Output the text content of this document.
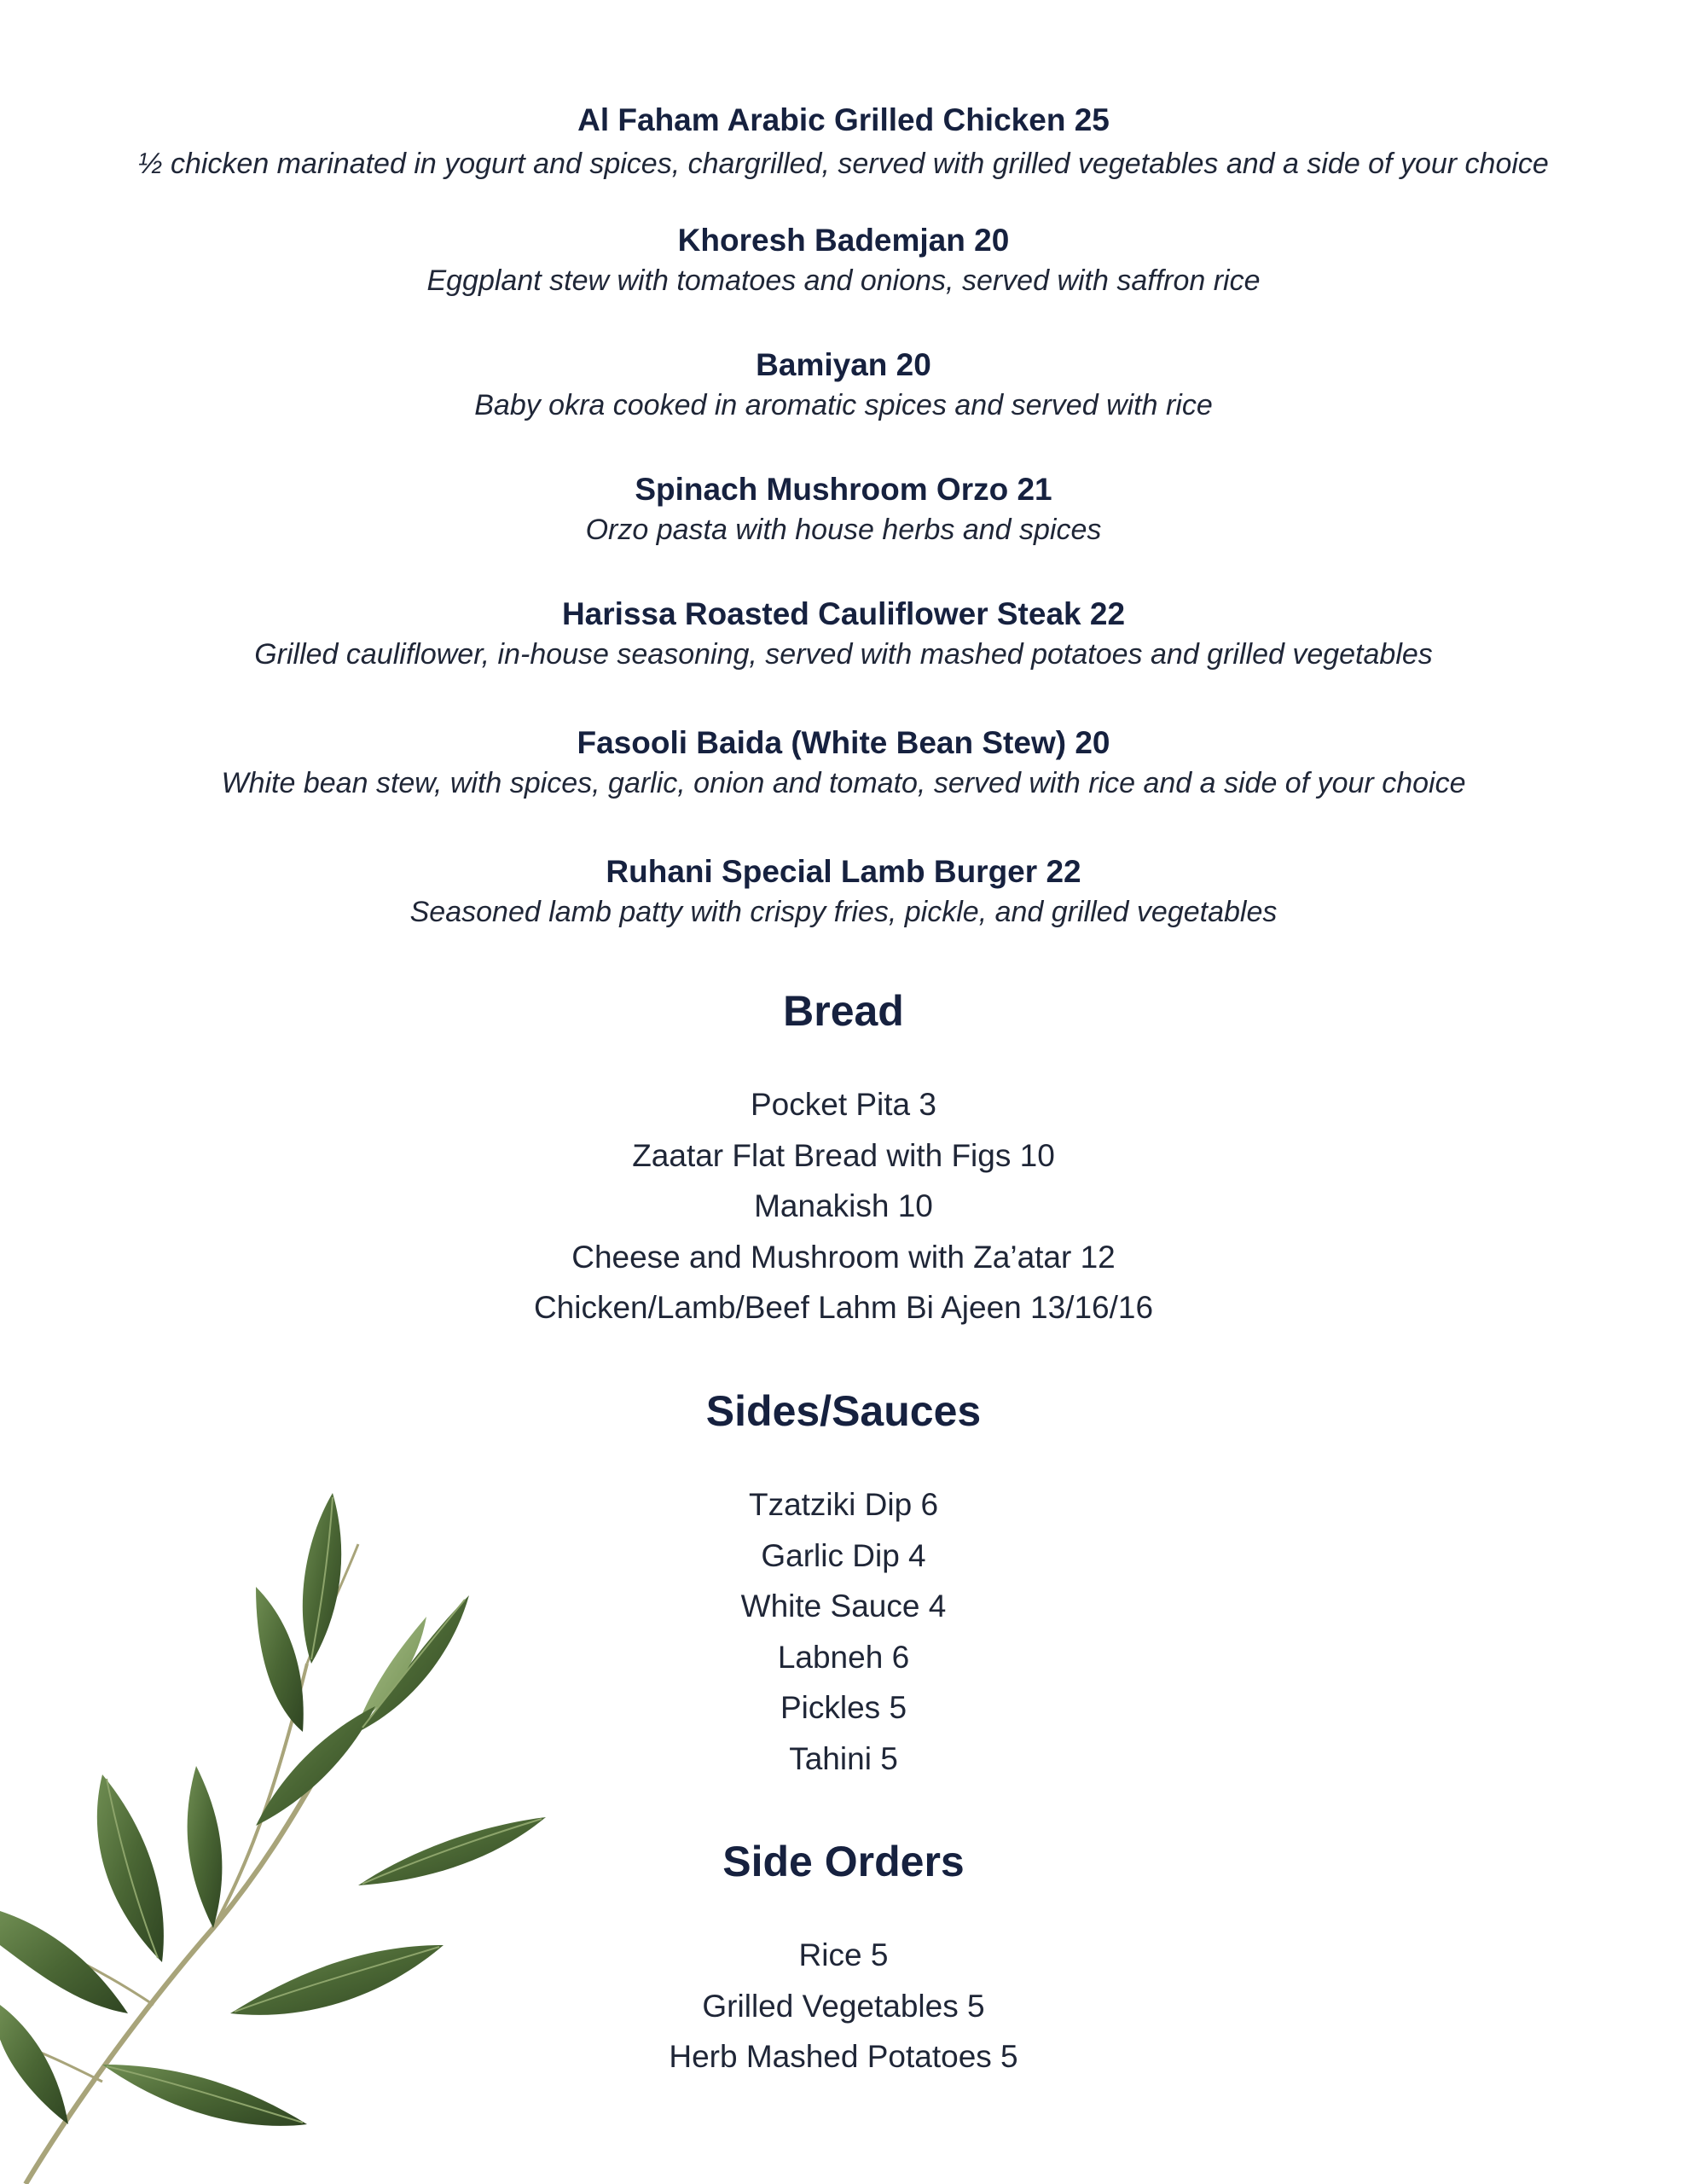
Al Faham Arabic Grilled Chicken 25
½ chicken marinated in yogurt and spices, chargrilled, served with grilled vegetables and a side of your choice
Khoresh Bademjan 20
Eggplant stew with tomatoes and onions, served with saffron rice
Bamiyan 20
Baby okra cooked in aromatic spices and served with rice
Spinach Mushroom Orzo 21
Orzo pasta with house herbs and spices
Harissa Roasted Cauliflower Steak 22
Grilled cauliflower, in-house seasoning, served with mashed potatoes and grilled vegetables
Fasooli Baida (White Bean Stew) 20
White bean stew, with spices, garlic, onion and tomato, served with rice and a side of your choice
Ruhani Special Lamb Burger 22
Seasoned lamb patty with crispy fries, pickle, and grilled vegetables
Bread
Pocket Pita 3
Zaatar Flat Bread with Figs 10
Manakish 10
Cheese and Mushroom with Za’atar 12
Chicken/Lamb/Beef Lahm Bi Ajeen 13/16/16
Sides/Sauces
Tzatziki Dip 6
Garlic Dip 4
White Sauce 4
Labneh 6
Pickles 5
Tahini 5
Side Orders
Rice 5
Grilled Vegetables 5
Herb Mashed Potatoes 5
